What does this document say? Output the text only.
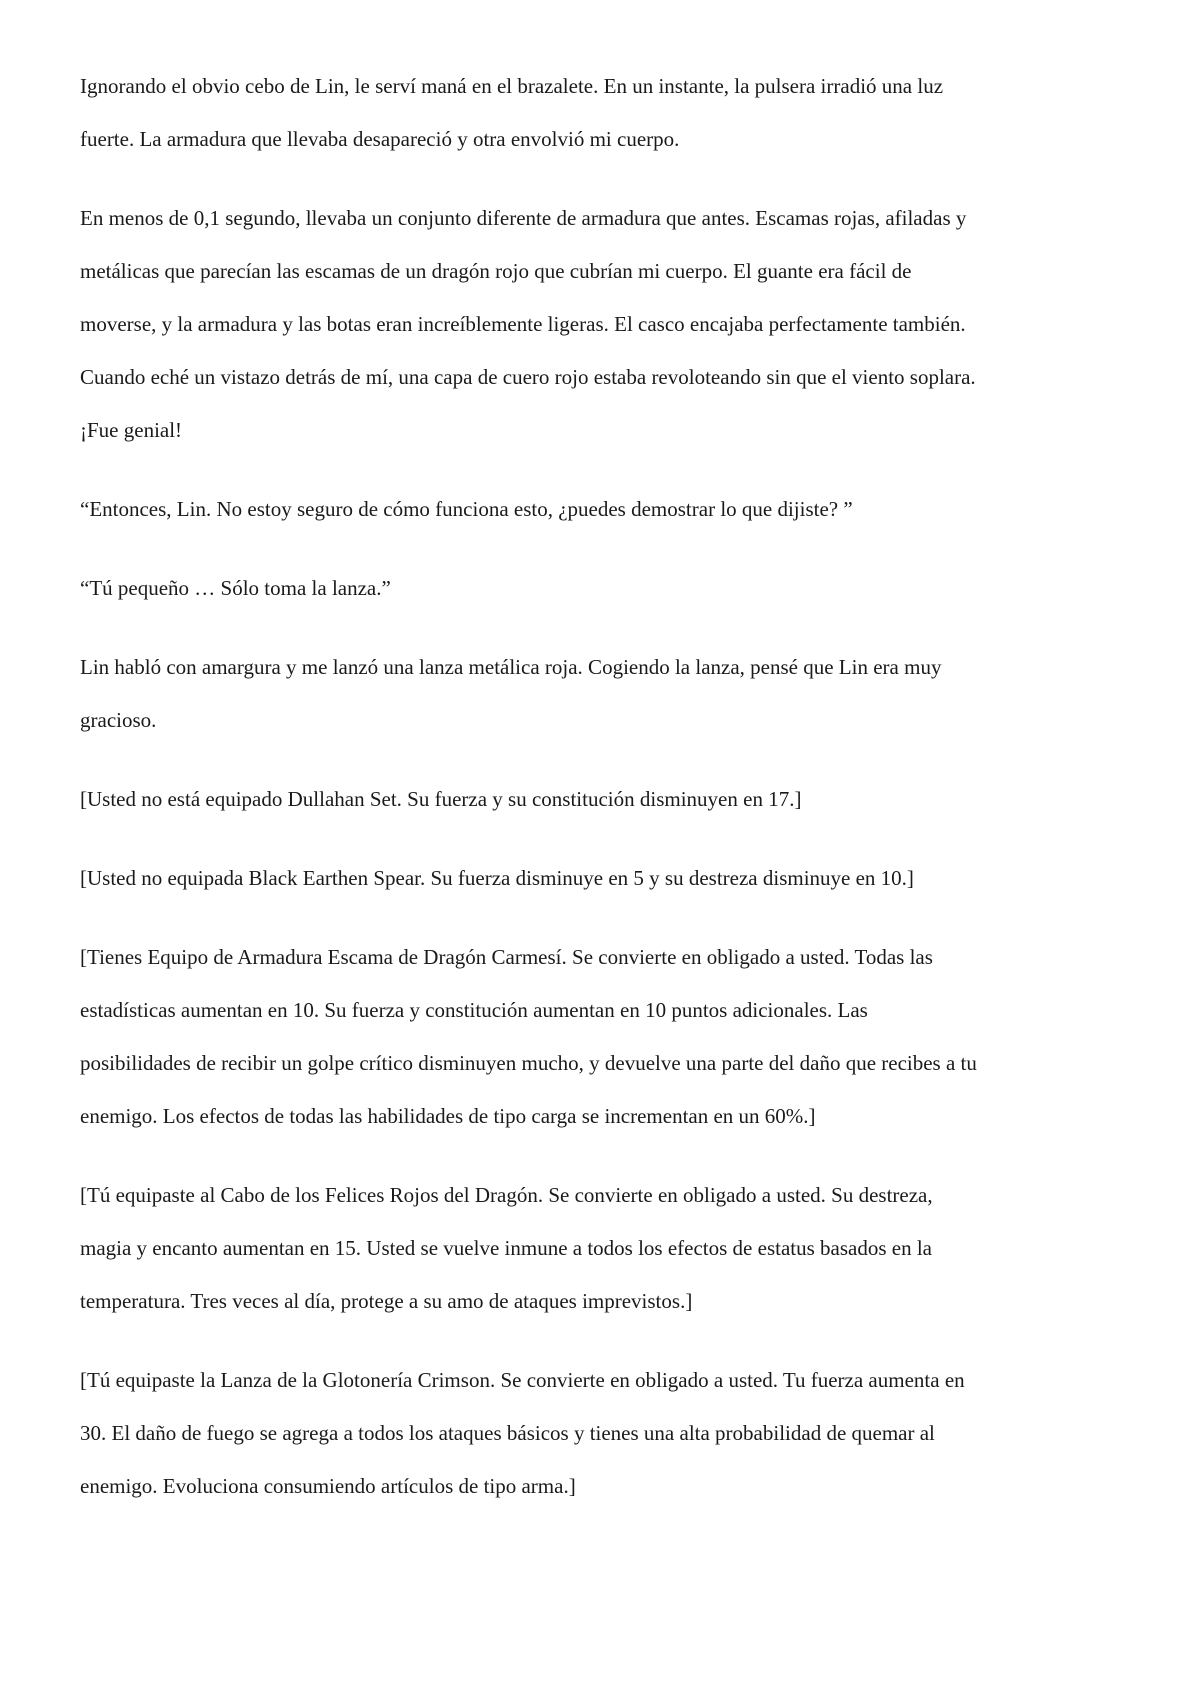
Ignorando el obvio cebo de Lin, le serví maná en el brazalete. En un instante, la pulsera irradió una luz
fuerte. La armadura que llevaba desapareció y otra envolvió mi cuerpo.

En menos de 0,1 segundo, llevaba un conjunto diferente de armadura que antes. Escamas rojas, afiladas y
metálicas que parecían las escamas de un dragón rojo que cubrían mi cuerpo. El guante era fácil de
moverse, y la armadura y las botas eran increíblemente ligeras. El casco encajaba perfectamente también.
Cuando eché un vistazo detrás de mí, una capa de cuero rojo estaba revoloteando sin que el viento soplara.
¡Fue genial!

“Entonces, Lin. No estoy seguro de cómo funciona esto, ¿puedes demostrar lo que dijiste? ”

“Tú pequeño … Sólo toma la lanza.”

Lin habló con amargura y me lanzó una lanza metálica roja. Cogiendo la lanza, pensé que Lin era muy
gracioso.

[Usted no está equipado Dullahan Set. Su fuerza y su constitución disminuyen en 17.]

[Usted no equipada Black Earthen Spear. Su fuerza disminuye en 5 y su destreza disminuye en 10.]

[Tienes Equipo de Armadura Escama de Dragón Carmesí. Se convierte en obligado a usted. Todas las
estadísticas aumentan en 10. Su fuerza y constitución aumentan en 10 puntos adicionales. Las
posibilidades de recibir un golpe crítico disminuyen mucho, y devuelve una parte del daño que recibes a tu
enemigo. Los efectos de todas las habilidades de tipo carga se incrementan en un 60%.]

[Tú equipaste al Cabo de los Felices Rojos del Dragón. Se convierte en obligado a usted. Su destreza,
magia y encanto aumentan en 15. Usted se vuelve inmune a todos los efectos de estatus basados en la
temperatura. Tres veces al día, protege a su amo de ataques imprevistos.]

[Tú equipaste la Lanza de la Glotonería Crimson. Se convierte en obligado a usted. Tu fuerza aumenta en
30. El daño de fuego se agrega a todos los ataques básicos y tienes una alta probabilidad de quemar al
enemigo. Evoluciona consumiendo artículos de tipo arma.]
